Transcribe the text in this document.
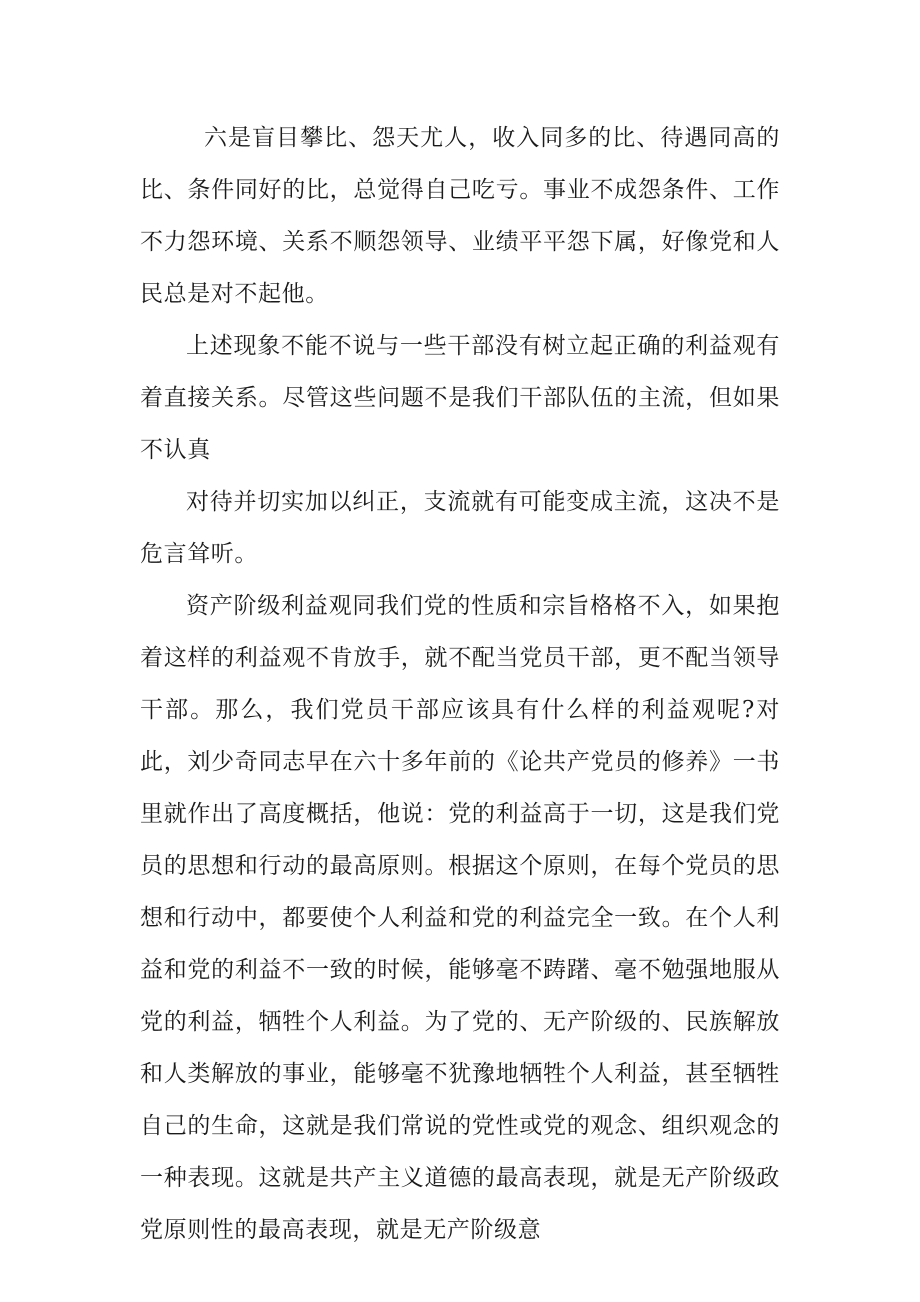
六是盲目攀比、怨天尤人，收入同多的比、待遇同高的比、条件同好的比，总觉得自己吃亏。事业不成怨条件、工作不力怨环境、关系不顺怨领导、业绩平平怨下属，好像党和人民总是对不起他。

上述现象不能不说与一些干部没有树立起正确的利益观有着直接关系。尽管这些问题不是我们干部队伍的主流，但如果不认真

对待并切实加以纠正，支流就有可能变成主流，这决不是危言耸听。

资产阶级利益观同我们党的性质和宗旨格格不入，如果抱着这样的利益观不肯放手，就不配当党员干部，更不配当领导干部。那么，我们党员干部应该具有什么样的利益观呢?对此，刘少奇同志早在六十多年前的《论共产党员的修养》一书里就作出了高度概括，他说：党的利益高于一切，这是我们党员的思想和行动的最高原则。根据这个原则，在每个党员的思想和行动中，都要使个人利益和党的利益完全一致。在个人利益和党的利益不一致的时候，能够毫不踌躇、毫不勉强地服从党的利益，牺牲个人利益。为了党的、无产阶级的、民族解放和人类解放的事业，能够毫不犹豫地牺牲个人利益，甚至牺牲自己的生命，这就是我们常说的党性或党的观念、组织观念的一种表现。这就是共产主义道德的最高表现，就是无产阶级政党原则性的最高表现，就是无产阶级意
